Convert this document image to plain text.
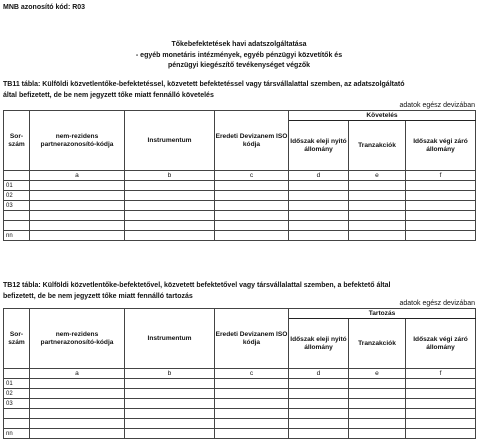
MNB azonosító kód: R03
Tőkebefektetések havi adatszolgáltatása
- egyéb monetáris intézmények, egyéb pénzügyi közvetítők és
pénzügyi kiegészítő tevékenységet végzők
TB11 tábla: Külföldi közvetlentőke-befektetéssel, közvetett befektetéssel vagy társvállalattal szemben, az adatszolgáltató
által befizetett, de be nem jegyzett tőke miatt fennálló követelés
adatok egész devizában
Sor-szám	nem-rezidens partnerazonosító-kódja	Instrumentum	Eredeti Devizanem ISO kódja	Követelés		
				Időszak eleji nyitó állomány	Tranzakciók	Időszak végi záró állomány
	a	b	c	d	e	f
01						
02						
03						

nn						
TB12 tábla: Külföldi közvetlentőke-befektetővel, közvetett befektetővel vagy társvállalattal szemben, a befektető által
befizetett, de be nem jegyzett tőke miatt fennálló tartozás
adatok egész devizában
Sor-szám	nem-rezidens partnerazonosító-kódja	Instrumentum	Eredeti Devizanem ISO kódja	Tartozás		
				Időszak eleji nyitó állomány	Tranzakciók	Időszak végi záró állomány
	a	b	c	d	e	f
01						
02						
03						

nn						
